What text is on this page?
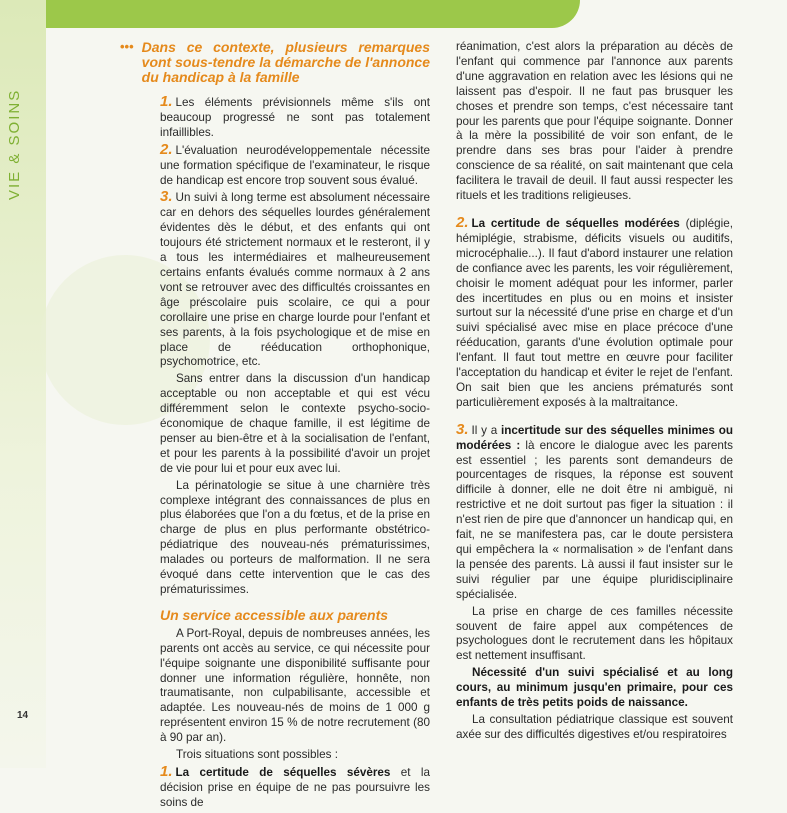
VIE & SOINS
14
••• Dans ce contexte, plusieurs remarques vont sous-tendre la démarche de l'annonce du handicap à la famille

1. Les éléments prévisionnels même s'ils ont beaucoup progressé ne sont pas totalement infaillibles.

2. L'évaluation neurodéveloppementale nécessite une formation spécifique de l'examinateur, le risque de handicap est encore trop souvent sous évalué.

3. Un suivi à long terme est absolument nécessaire car en dehors des séquelles lourdes généralement évidentes dès le début, et des enfants qui ont toujours été strictement normaux et le resteront, il y a tous les intermédiaires et malheureusement certains enfants évalués comme normaux à 2 ans vont se retrouver avec des difficultés croissantes en âge préscolaire puis scolaire, ce qui a pour corollaire une prise en charge lourde pour l'enfant et ses parents, à la fois psychologique et de mise en place de rééducation orthophonique, psychomotrice, etc.

Sans entrer dans la discussion d'un handicap acceptable ou non acceptable et qui est vécu différemment selon le contexte psycho-socio-économique de chaque famille, il est légitime de penser au bien-être et à la socialisation de l'enfant, et pour les parents à la possibilité d'avoir un projet de vie pour lui et pour eux avec lui.

La périnatologie se situe à une charnière très complexe intégrant des connaissances de plus en plus élaborées que l'on a du fœtus, et de la prise en charge de plus en plus performante obstétrico-pédiatrique des nouveau-nés prématurissimes, malades ou porteurs de malformation. Il ne sera évoqué dans cette intervention que le cas des prématurissimes.

Un service accessible aux parents

A Port-Royal, depuis de nombreuses années, les parents ont accès au service, ce qui nécessite pour l'équipe soignante une disponibilité suffisante pour donner une information régulière, honnête, non traumatisante, non culpabilisante, accessible et adaptée. Les nouveau-nés de moins de 1 000 g représentent environ 15 % de notre recrutement (80 à 90 par an).

Trois situations sont possibles :

1. La certitude de séquelles sévères et la décision prise en équipe de ne pas poursuivre les soins de

réanimation, c'est alors la préparation au décès de l'enfant qui commence par l'annonce aux parents d'une aggravation en relation avec les lésions qui ne laissent pas d'espoir. Il ne faut pas brusquer les choses et prendre son temps, c'est nécessaire tant pour les parents que pour l'équipe soignante. Donner à la mère la possibilité de voir son enfant, de le prendre dans ses bras pour l'aider à prendre conscience de sa réalité, on sait maintenant que cela facilitera le travail de deuil. Il faut aussi respecter les rituels et les traditions religieuses.

2. La certitude de séquelles modérées (diplégie, hémiplégie, strabisme, déficits visuels ou auditifs, microcéphalie...). Il faut d'abord instaurer une relation de confiance avec les parents, les voir régulièrement, choisir le moment adéquat pour les informer, parler des incertitudes en plus ou en moins et insister surtout sur la nécessité d'une prise en charge et d'un suivi spécialisé avec mise en place précoce d'une rééducation, garants d'une évolution optimale pour l'enfant. Il faut tout mettre en œuvre pour faciliter l'acceptation du handicap et éviter le rejet de l'enfant. On sait bien que les anciens prématurés sont particulièrement exposés à la maltraitance.

3. Il y a incertitude sur des séquelles minimes ou modérées : là encore le dialogue avec les parents est essentiel ; les parents sont demandeurs de pourcentages de risques, la réponse est souvent difficile à donner, elle ne doit être ni ambiguë, ni restrictive et ne doit surtout pas figer la situation : il n'est rien de pire que d'annoncer un handicap qui, en fait, ne se manifestera pas, car le doute persistera qui empêchera la « normalisation » de l'enfant dans la pensée des parents. Là aussi il faut insister sur le suivi régulier par une équipe pluridisciplinaire spécialisée.

La prise en charge de ces familles nécessite souvent de faire appel aux compétences de psychologues dont le recrutement dans les hôpitaux est nettement insuffisant.

Nécessité d'un suivi spécialisé et au long cours, au minimum jusqu'en primaire, pour ces enfants de très petits poids de naissance.

La consultation pédiatrique classique est souvent axée sur des difficultés digestives et/ou respiratoires
